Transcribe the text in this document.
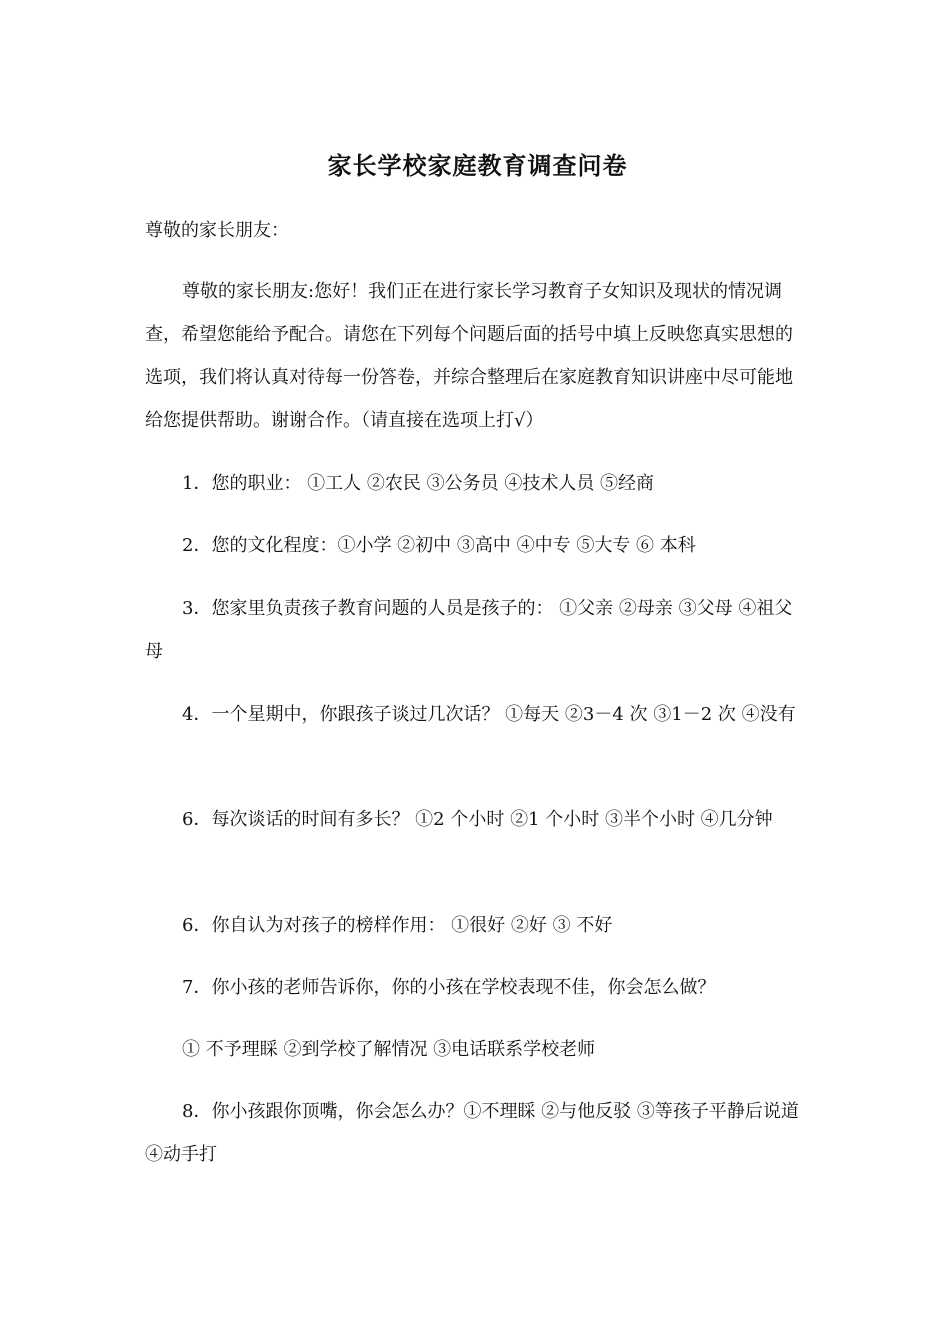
家长学校家庭教育调查问卷

尊敬的家长朋友：

尊敬的家长朋友:您好！我们正在进行家长学习教育子女知识及现状的情况调查，希望您能给予配合。请您在下列每个问题后面的括号中填上反映您真实思想的选项，我们将认真对待每一份答卷，并综合整理后在家庭教育知识讲座中尽可能地给您提供帮助。谢谢合作。（请直接在选项上打√）

1．您的职业： ①工人 ②农民 ③公务员 ④技术人员 ⑤经商

2．您的文化程度：①小学 ②初中 ③高中 ④中专 ⑤大专 ⑥ 本科

3．您家里负责孩子教育问题的人员是孩子的： ①父亲 ②母亲 ③父母 ④祖父母

4．一个星期中，你跟孩子谈过几次话？ ①每天 ②3－4 次 ③1－2 次 ④没有

6．每次谈话的时间有多长？ ①2 个小时 ②1 个小时 ③半个小时 ④几分钟

6．你自认为对孩子的榜样作用： ①很好 ②好 ③ 不好

7．你小孩的老师告诉你，你的小孩在学校表现不佳，你会怎么做？

① 不予理睬 ②到学校了解情况 ③电话联系学校老师

8．你小孩跟你顶嘴，你会怎么办？①不理睬 ②与他反驳 ③等孩子平静后说道④动手打
